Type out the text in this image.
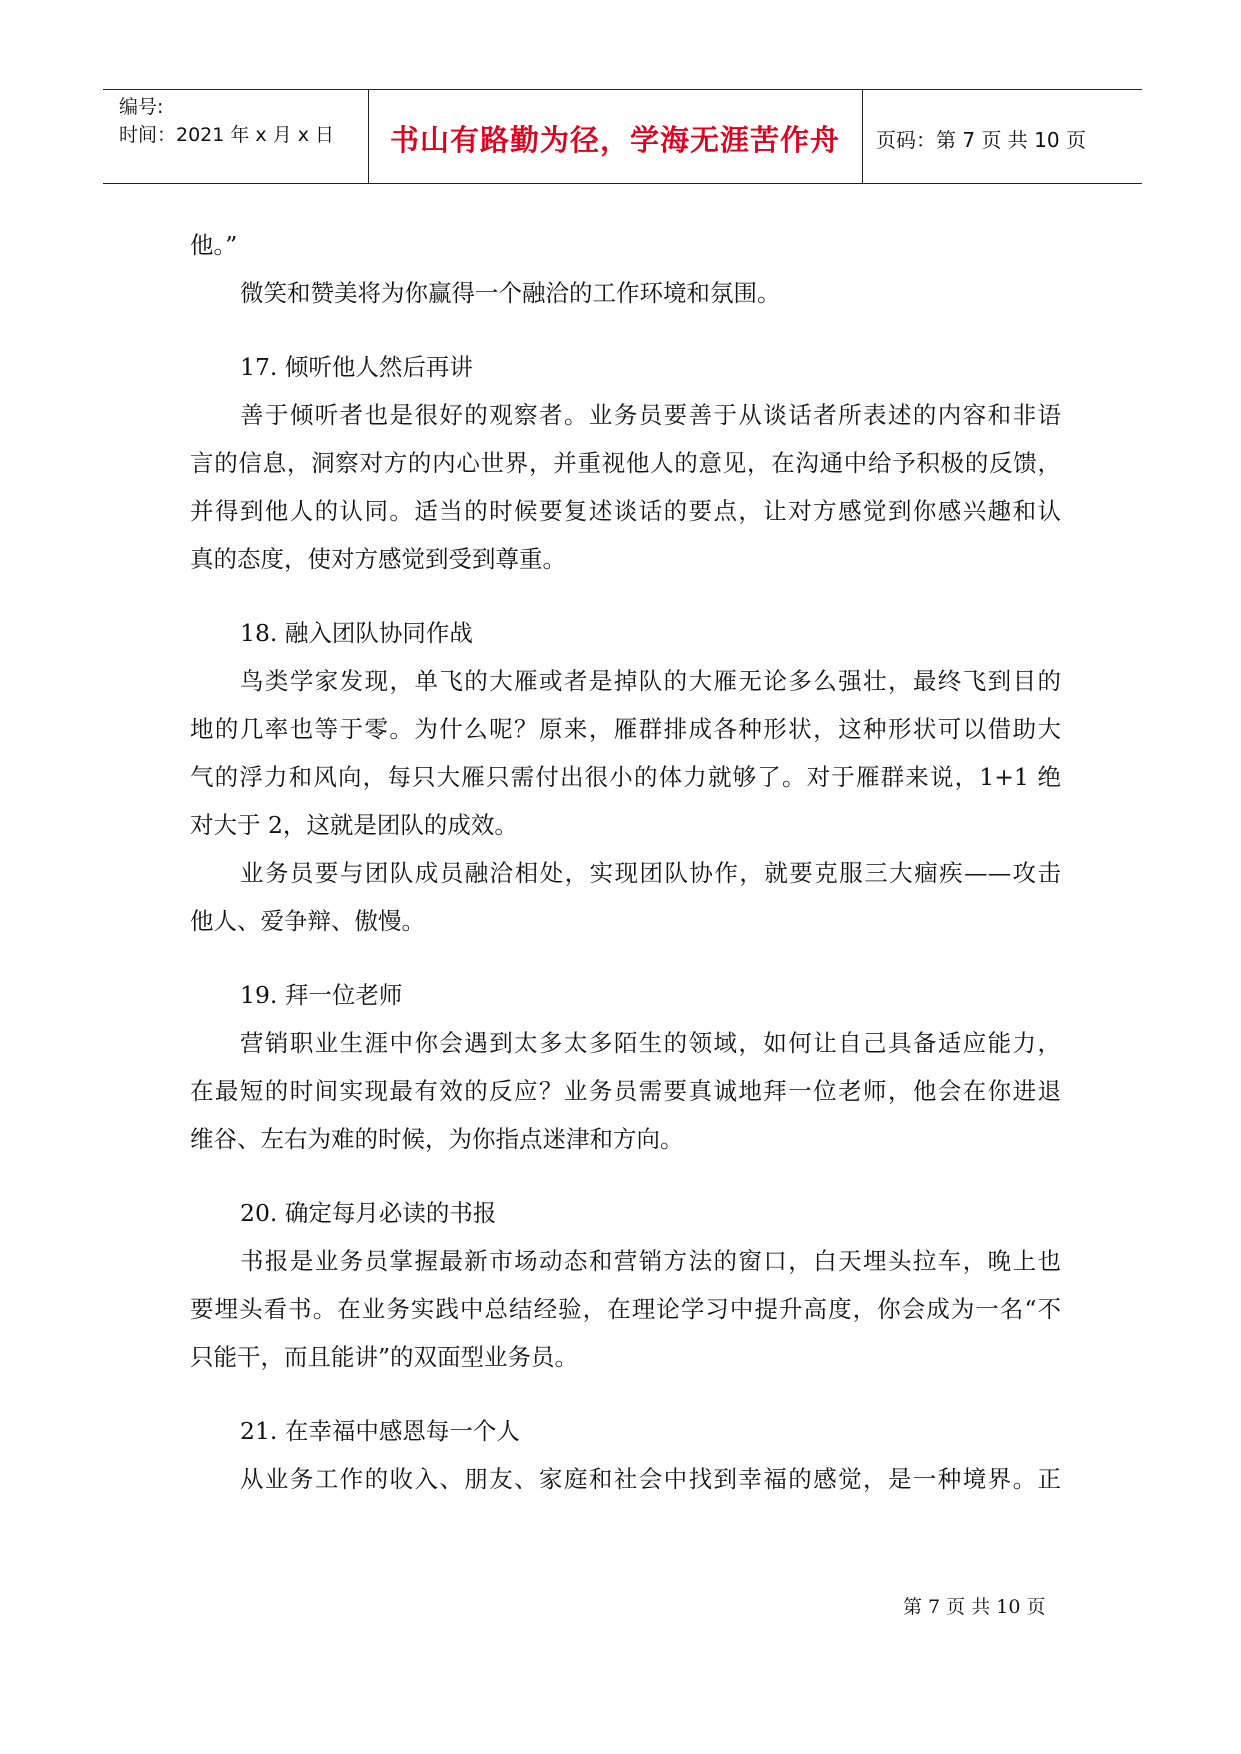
编号:
时间：2021 年 x 月 x 日	书山有路勤为径，学海无涯苦作舟	页码：第 7 页 共 10 页
他。”
微笑和赞美将为你赢得一个融洽的工作环境和氛围。
17. 倾听他人然后再讲
善于倾听者也是很好的观察者。业务员要善于从谈话者所表述的内容和非语
言的信息，洞察对方的内心世界，并重视他人的意见，在沟通中给予积极的反馈，
并得到他人的认同。适当的时候要复述谈话的要点，让对方感觉到你感兴趣和认
真的态度，使对方感觉到受到尊重。
18. 融入团队协同作战
鸟类学家发现，单飞的大雁或者是掉队的大雁无论多么强壮，最终飞到目的
地的几率也等于零。为什么呢？原来，雁群排成各种形状，这种形状可以借助大
气的浮力和风向，每只大雁只需付出很小的体力就够了。对于雁群来说，1+1 绝
对大于 2，这就是团队的成效。
业务员要与团队成员融洽相处，实现团队协作，就要克服三大痼疾——攻击
他人、爱争辩、傲慢。
19. 拜一位老师
营销职业生涯中你会遇到太多太多陌生的领域，如何让自己具备适应能力，
在最短的时间实现最有效的反应？业务员需要真诚地拜一位老师，他会在你进退
维谷、左右为难的时候，为你指点迷津和方向。
20. 确定每月必读的书报
书报是业务员掌握最新市场动态和营销方法的窗口，白天埋头拉车，晚上也
要埋头看书。在业务实践中总结经验，在理论学习中提升高度，你会成为一名“不
只能干，而且能讲”的双面型业务员。
21. 在幸福中感恩每一个人
从业务工作的收入、朋友、家庭和社会中找到幸福的感觉，是一种境界。正
第 7 页 共 10 页
